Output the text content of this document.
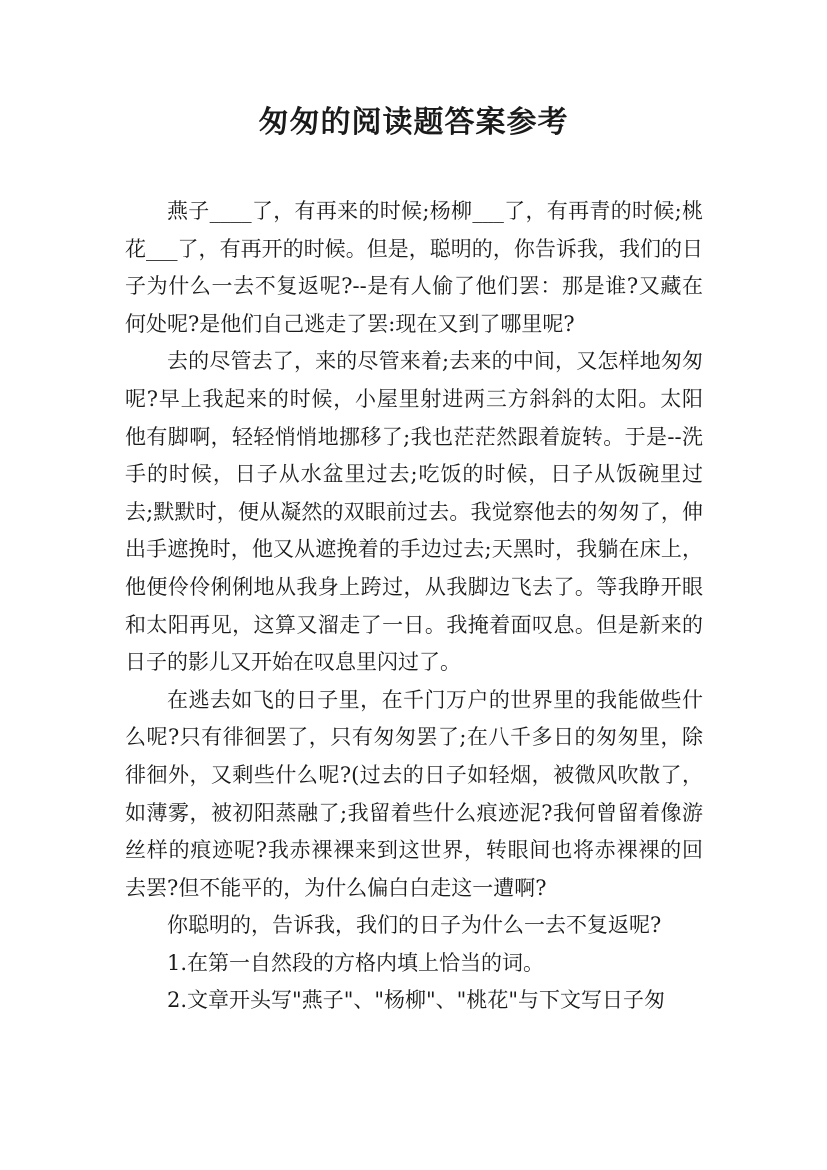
匆匆的阅读题答案参考

燕子____了，有再来的时候;杨柳___了，有再青的时候;桃花___了，有再开的时候。但是，聪明的，你告诉我，我们的日子为什么一去不复返呢?--是有人偷了他们罢：那是谁?又藏在何处呢?是他们自己逃走了罢:现在又到了哪里呢?

去的尽管去了，来的尽管来着;去来的中间，又怎样地匆匆呢?早上我起来的时候，小屋里射进两三方斜斜的太阳。太阳他有脚啊，轻轻悄悄地挪移了;我也茫茫然跟着旋转。于是--洗手的时候，日子从水盆里过去;吃饭的时候，日子从饭碗里过去;默默时，便从凝然的双眼前过去。我觉察他去的匆匆了，伸出手遮挽时，他又从遮挽着的手边过去;天黑时，我躺在床上，他便伶伶俐俐地从我身上跨过，从我脚边飞去了。等我睁开眼和太阳再见，这算又溜走了一日。我掩着面叹息。但是新来的日子的影儿又开始在叹息里闪过了。

在逃去如飞的日子里，在千门万户的世界里的我能做些什么呢?只有徘徊罢了，只有匆匆罢了;在八千多日的匆匆里，除徘徊外，又剩些什么呢?(过去的日子如轻烟，被微风吹散了，如薄雾，被初阳蒸融了;我留着些什么痕迹泥?我何曾留着像游丝样的痕迹呢?我赤裸裸来到这世界，转眼间也将赤裸裸的回去罢?但不能平的，为什么偏白白走这一遭啊?

你聪明的，告诉我，我们的日子为什么一去不复返呢?

1.在第一自然段的方格内填上恰当的词。

2.文章开头写"燕子"、"杨柳"、"桃花"与下文写日子匆
